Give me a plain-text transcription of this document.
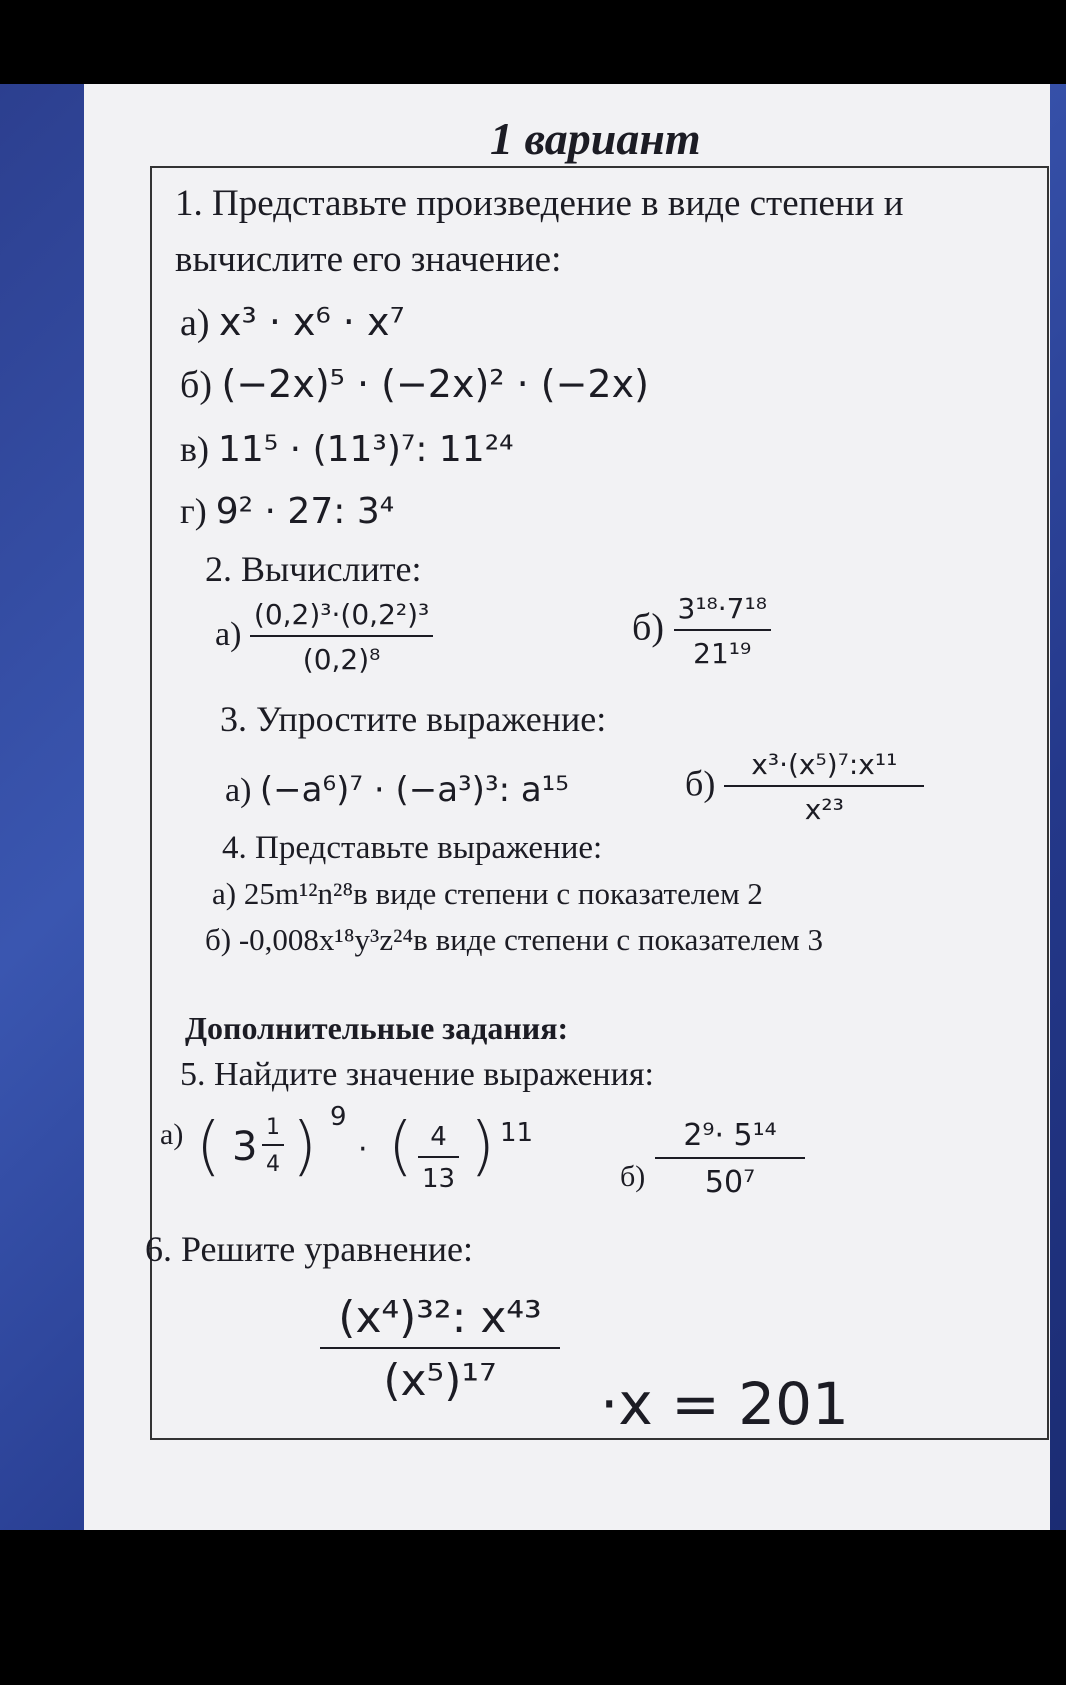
1 вариант
1. Представьте произведение в виде степени и
вычислите его значение:
а) x³ · x⁶ · x⁷
б) (−2x)⁵ · (−2x)² · (−2x)
в) 11⁵ · (11³)⁷: 11²⁴
г) 9² · 27: 3⁴
2. Вычислите:
$а) \frac{\text{(0,2)³·(0,2²)³}}{\text{(0,2)⁸}}$	$б) \frac{\text{3¹⁸·7¹⁸}}{\text{21¹⁹}}$
3. Упростите выражение:
а) (−a⁶)⁷ · (−a³)³: a¹⁵	$б) \frac{\text{x³·(x⁵)⁷:x¹¹}}{\text{x²³}}$
4. Представьте выражение:
а) 25m¹²n²⁸в виде степени с показателем 2
б) -0,008x¹⁸y³z²⁴в виде степени с показателем 3
Дополнительные задания:
5. Найдите значение выражения:
а) ( $3 \frac{1}{4}$ ) 9
· ( $\frac{4}{13}$ ) 11
$б) \frac{\text{2⁹· 5¹⁴}}{\text{50⁷}}$
6. Решите уравнение:
$\frac{\text{(x⁴)³²: x⁴³}}{\text{(x⁵)¹⁷}} \cdot x = 201$
